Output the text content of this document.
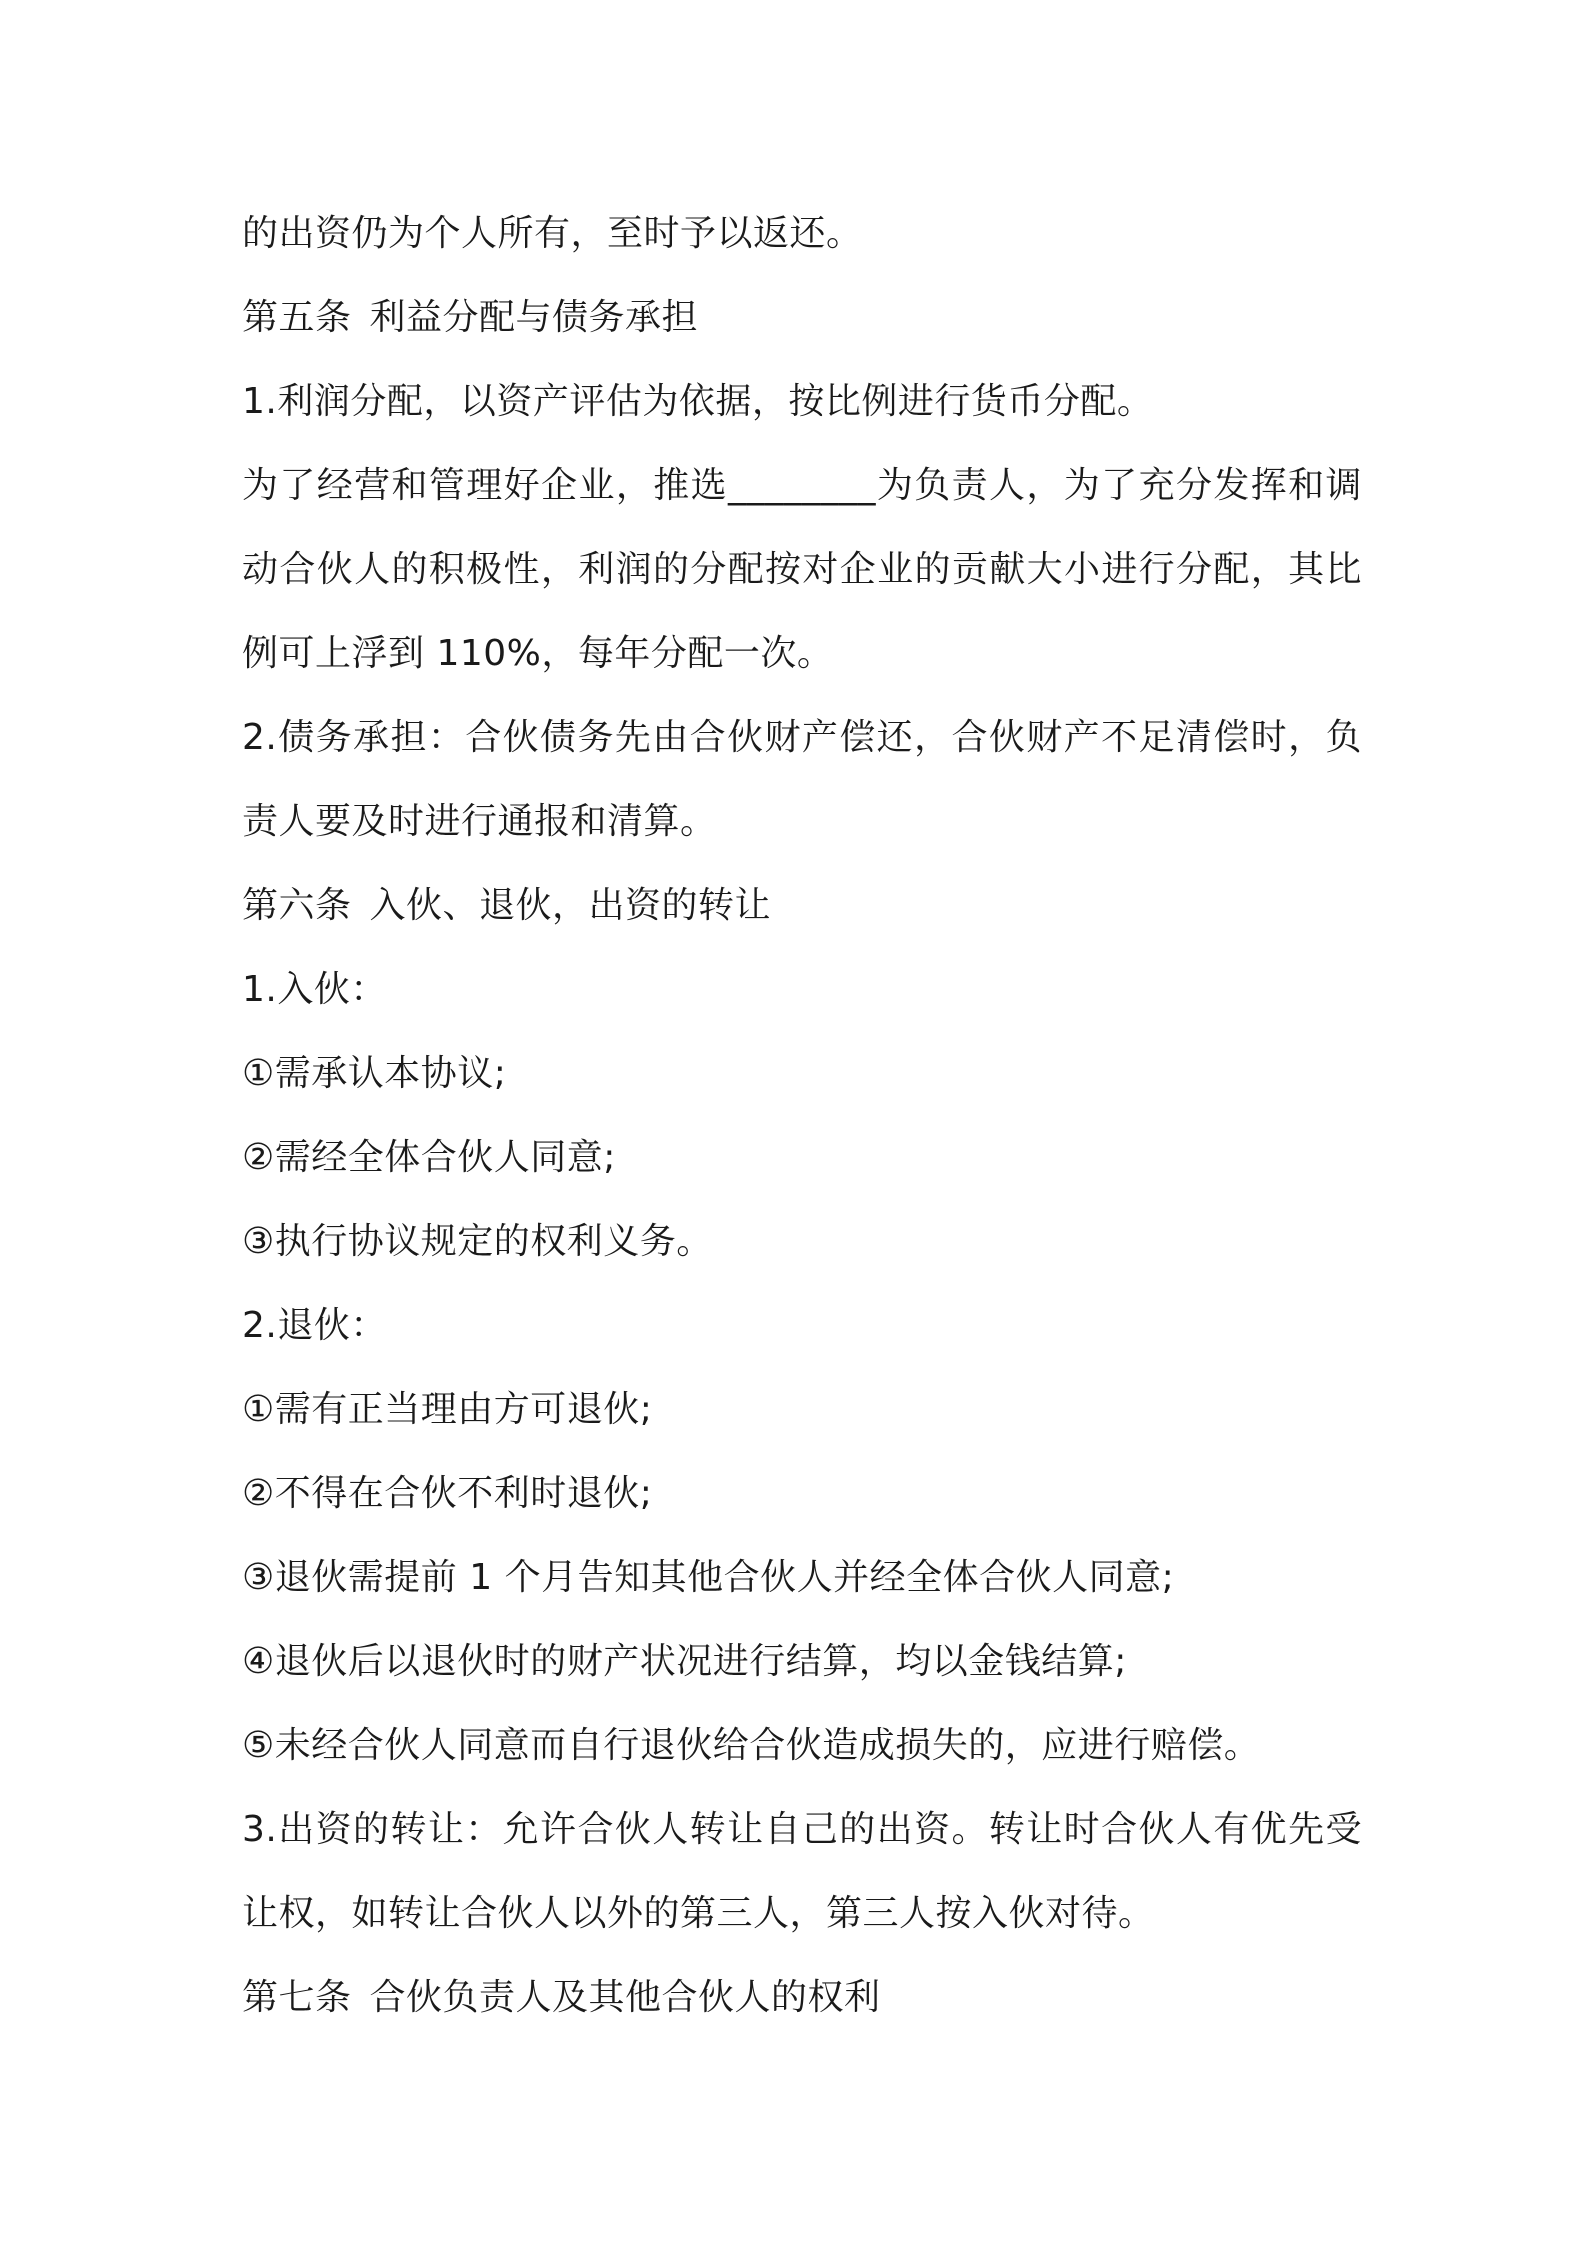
的出资仍为个人所有，至时予以返还。

第五条 利益分配与债务承担

1.利润分配，以资产评估为依据，按比例进行货币分配。

为了经营和管理好企业，推选________为负责人，为了充分发挥和调动合伙人的积极性，利润的分配按对企业的贡献大小进行分配，其比例可上浮到 110%，每年分配一次。

2.债务承担：合伙债务先由合伙财产偿还，合伙财产不足清偿时，负责人要及时进行通报和清算。

第六条 入伙、退伙，出资的转让

1.入伙：

①需承认本协议;

②需经全体合伙人同意;

③执行协议规定的权利义务。

2.退伙：

①需有正当理由方可退伙;

②不得在合伙不利时退伙;

③退伙需提前 1 个月告知其他合伙人并经全体合伙人同意;

④退伙后以退伙时的财产状况进行结算，均以金钱结算;

⑤未经合伙人同意而自行退伙给合伙造成损失的，应进行赔偿。

3.出资的转让：允许合伙人转让自己的出资。转让时合伙人有优先受让权，如转让合伙人以外的第三人，第三人按入伙对待。

第七条 合伙负责人及其他合伙人的权利
